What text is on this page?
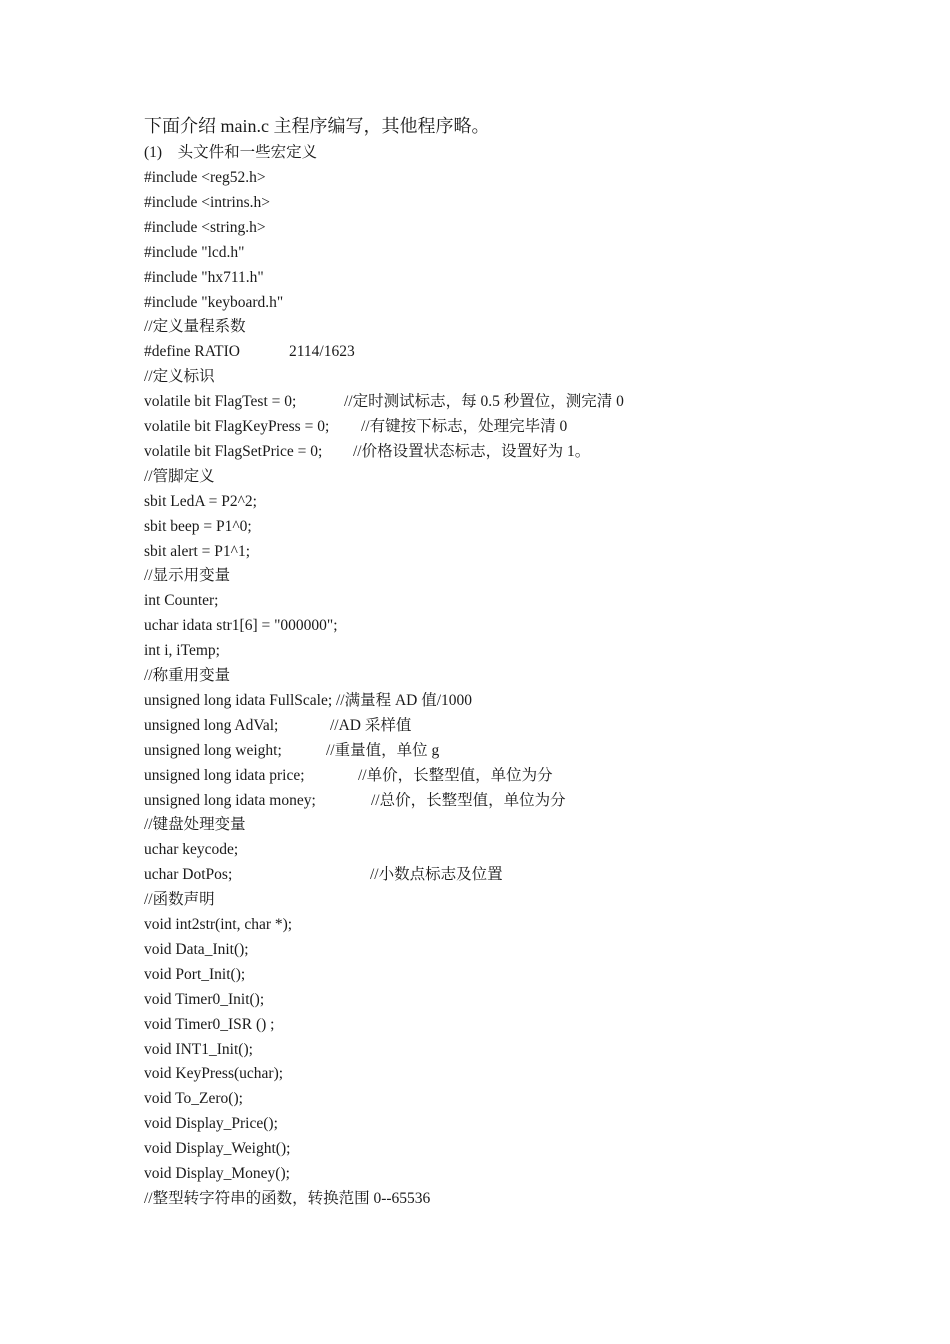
下面介绍 main.c 主程序编写，其他程序略。
(1)    头文件和一些宏定义
#include <reg52.h>
#include <intrins.h>
#include <string.h>
#include "lcd.h"
#include "hx711.h"
#include "keyboard.h"
//定义量程系数
#define RATIO	2114/1623
//定义标识
volatile bit FlagTest = 0;	//定时测试标志，每 0.5 秒置位，测完清 0
volatile bit FlagKeyPress = 0; //有键按下标志，处理完毕清 0
volatile bit FlagSetPrice = 0; //价格设置状态标志，设置好为 1。
//管脚定义
sbit LedA = P2^2;
sbit beep = P1^0;
sbit alert = P1^1;
//显示用变量
int Counter;
uchar idata str1[6] = "000000";
int i, iTemp;
//称重用变量
unsigned long idata FullScale; //满量程 AD 值/1000
unsigned long AdVal;	//AD 采样值
unsigned long weight;	//重量值，单位 g
unsigned long idata price;	//单价，长整型值，单位为分
unsigned long idata money;	//总价，长整型值，单位为分
//键盘处理变量
uchar keycode;
uchar DotPos;	//小数点标志及位置
//函数声明
void int2str(int, char *);
void Data_Init();
void Port_Init();
void Timer0_Init();
void Timer0_ISR () ;
void INT1_Init();
void KeyPress(uchar);
void To_Zero();
void Display_Price();
void Display_Weight();
void Display_Money();
//整型转字符串的函数，转换范围 0--65536
